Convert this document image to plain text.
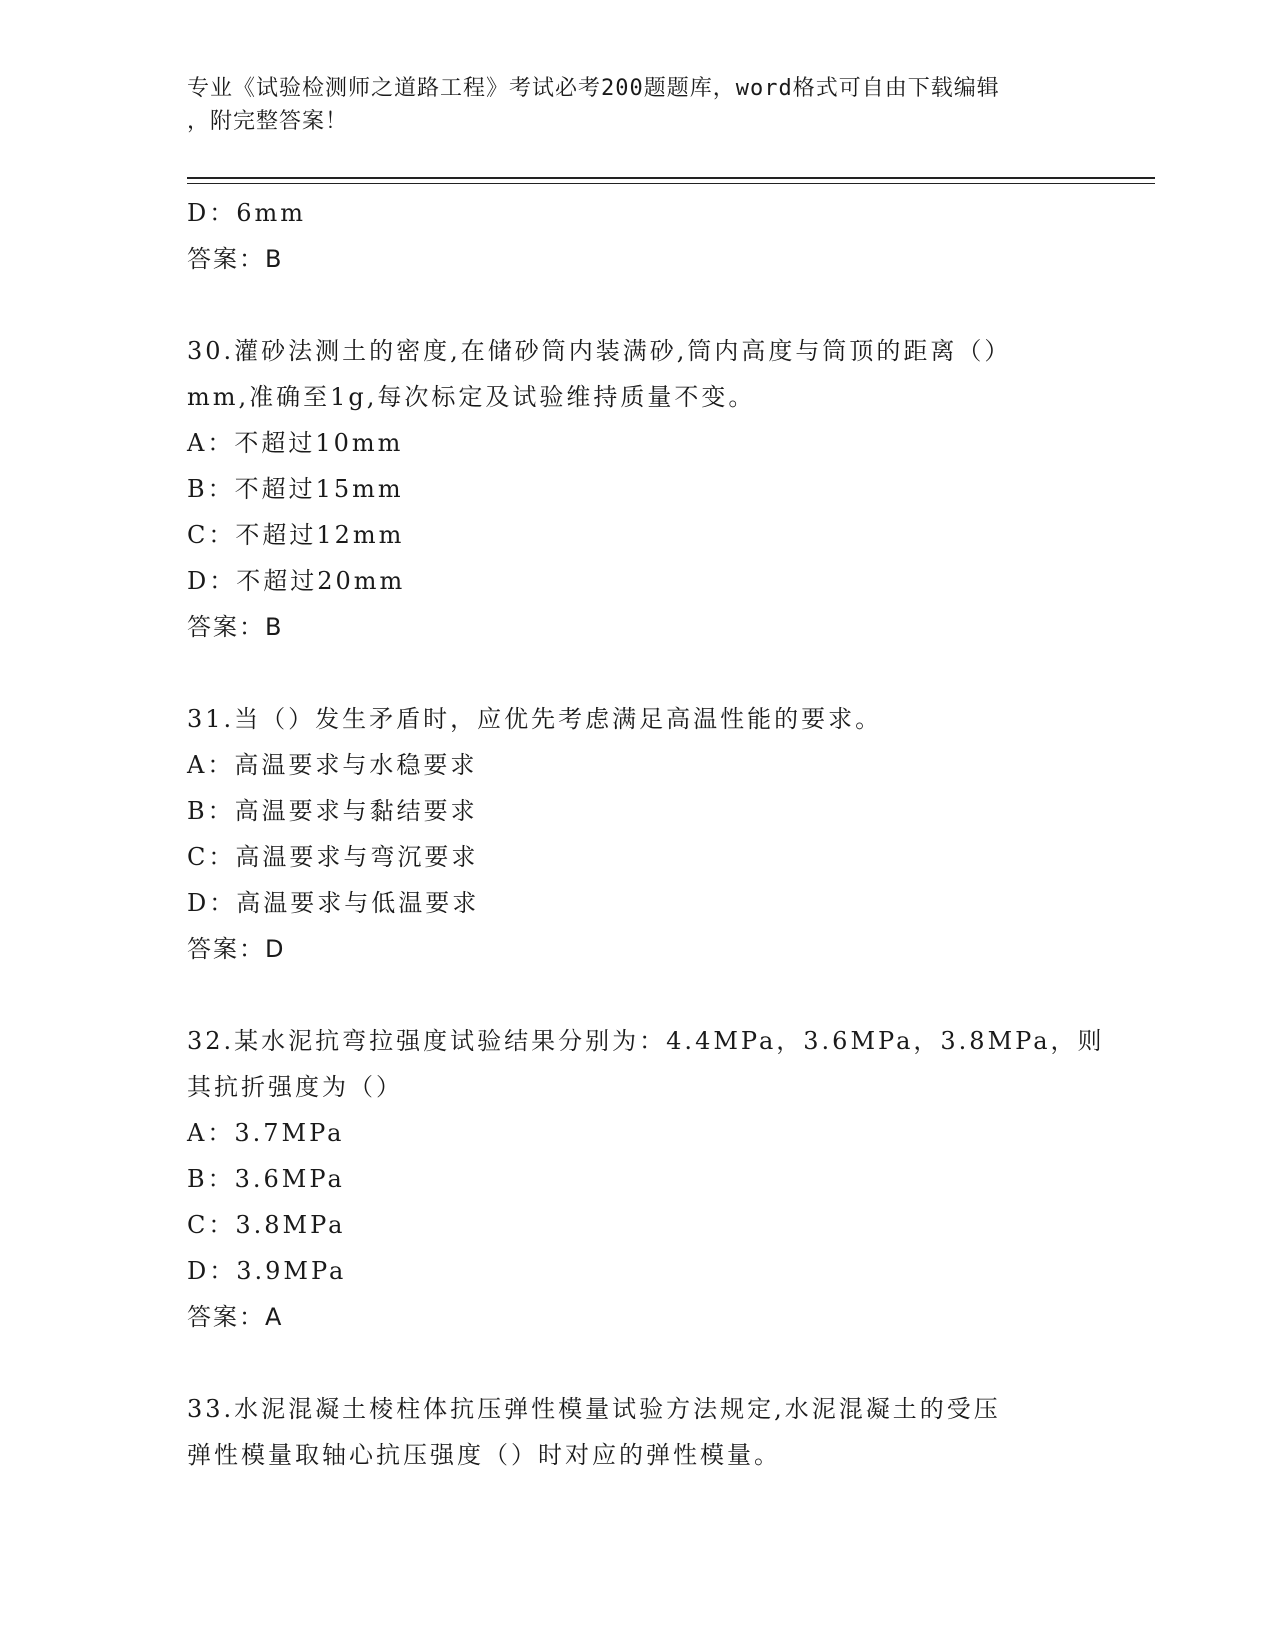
专业《试验检测师之道路工程》考试必考200题题库，word格式可自由下载编辑
，附完整答案！
D：6mm
答案：B
30.灌砂法测土的密度,在储砂筒内装满砂,筒内高度与筒顶的距离（）
mm,准确至1g,每次标定及试验维持质量不变。
A：不超过10mm
B：不超过15mm
C：不超过12mm
D：不超过20mm
答案：B
31.当（）发生矛盾时，应优先考虑满足高温性能的要求。
A：高温要求与水稳要求
B：高温要求与黏结要求
C：高温要求与弯沉要求
D：高温要求与低温要求
答案：D
32.某水泥抗弯拉强度试验结果分别为：4.4MPa，3.6MPa，3.8MPa，则
其抗折强度为（）
A：3.7MPa
B：3.6MPa
C：3.8MPa
D：3.9MPa
答案：A
33.水泥混凝土棱柱体抗压弹性模量试验方法规定,水泥混凝土的受压
弹性模量取轴心抗压强度（）时对应的弹性模量。
